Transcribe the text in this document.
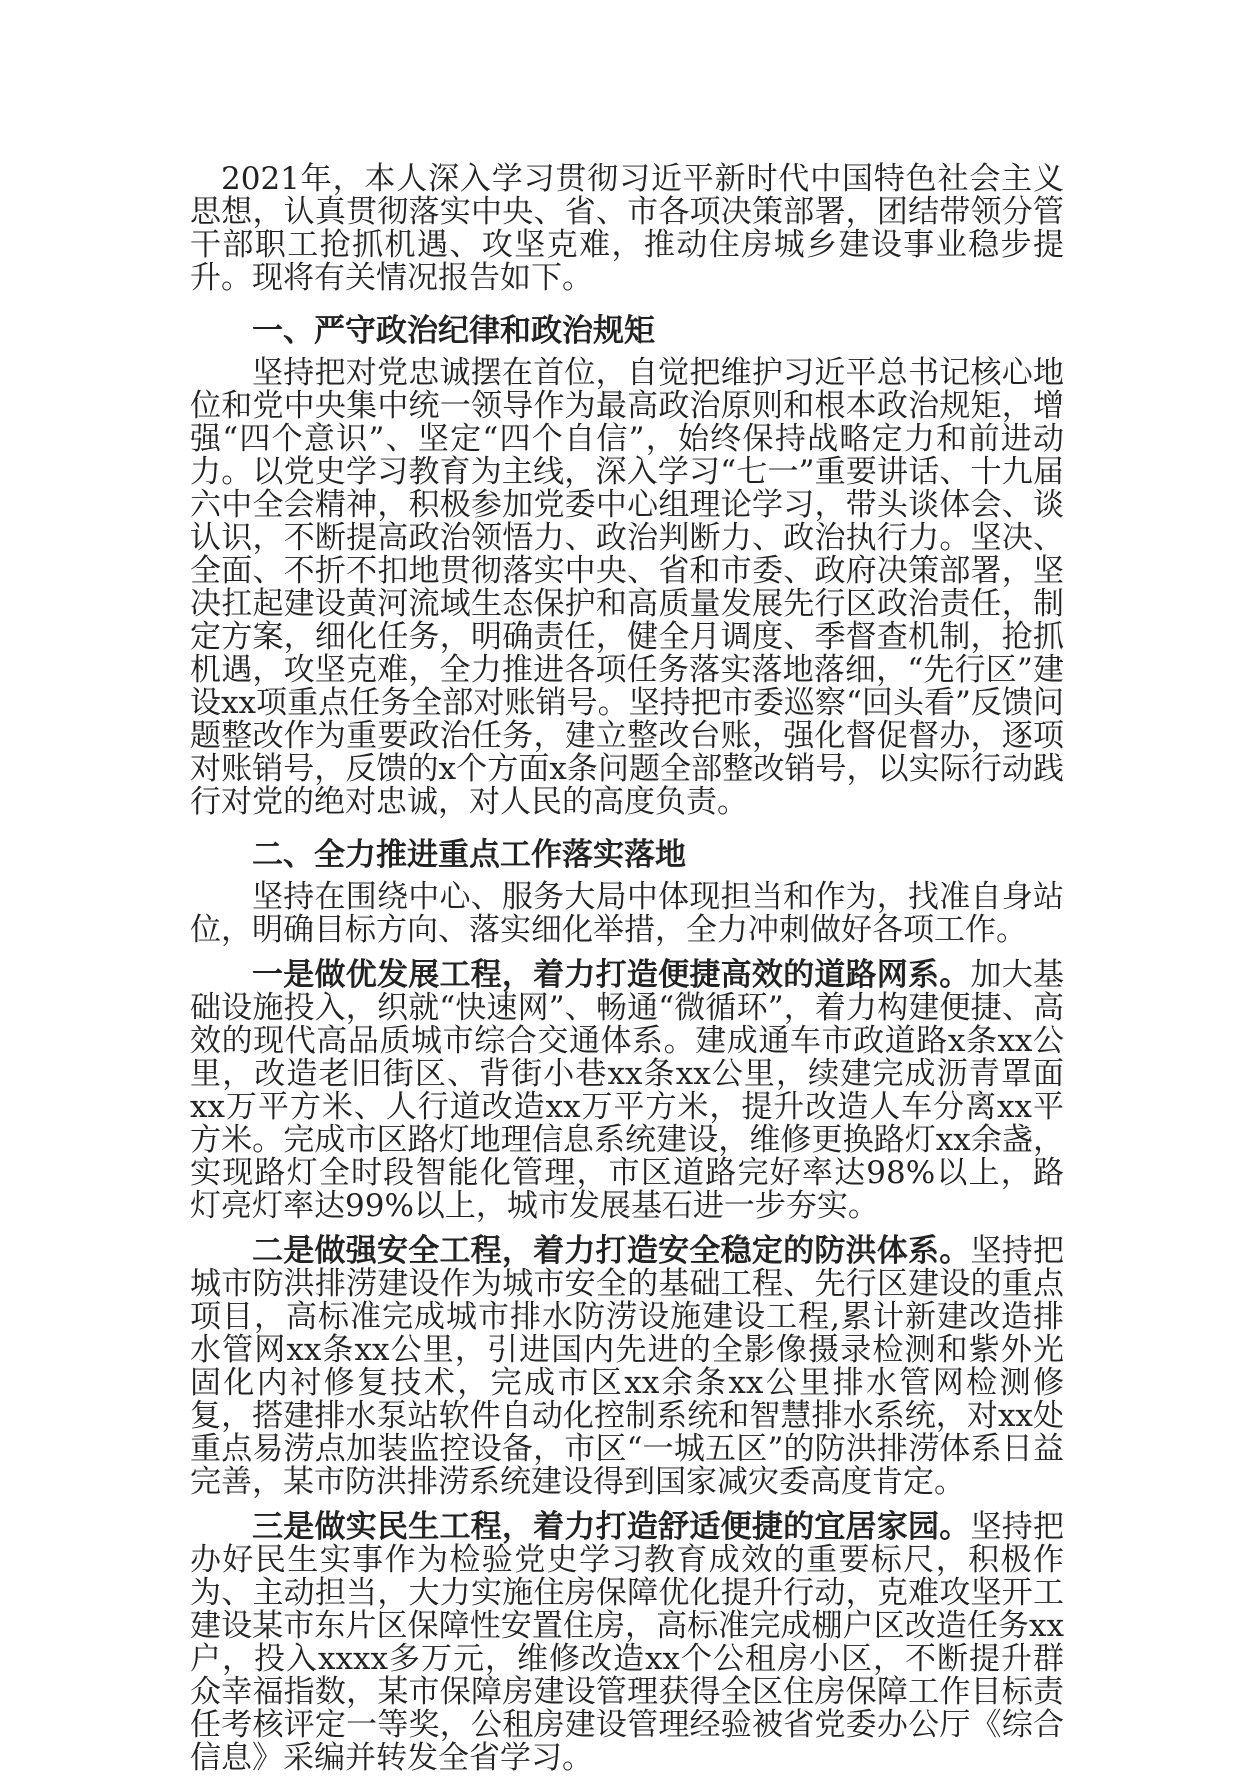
2021年，本人深入学习贯彻习近平新时代中国特色社会主义思想，认真贯彻落实中央、省、市各项决策部署，团结带领分管干部职工抢抓机遇、攻坚克难，推动住房城乡建设事业稳步提升。现将有关情况报告如下。

一、严守政治纪律和政治规矩

坚持把对党忠诚摆在首位，自觉把维护习近平总书记核心地位和党中央集中统一领导作为最高政治原则和根本政治规矩，增强“四个意识”、坚定“四个自信”，始终保持战略定力和前进动力。以党史学习教育为主线，深入学习“七一”重要讲话、十九届六中全会精神，积极参加党委中心组理论学习，带头谈体会、谈认识，不断提高政治领悟力、政治判断力、政治执行力。坚决、全面、不折不扣地贯彻落实中央、省和市委、政府决策部署，坚决扛起建设黄河流域生态保护和高质量发展先行区政治责任，制定方案，细化任务，明确责任，健全月调度、季督查机制，抢抓机遇，攻坚克难，全力推进各项任务落实落地落细，“先行区”建设xx项重点任务全部对账销号。坚持把市委巡察“回头看”反馈问题整改作为重要政治任务，建立整改台账，强化督促督办，逐项对账销号，反馈的x个方面x条问题全部整改销号，以实际行动践行对党的绝对忠诚，对人民的高度负责。

二、全力推进重点工作落实落地

坚持在围绕中心、服务大局中体现担当和作为，找准自身站位，明确目标方向、落实细化举措，全力冲刺做好各项工作。

一是做优发展工程，着力打造便捷高效的道路网系。加大基础设施投入，织就“快速网”、畅通“微循环”，着力构建便捷、高效的现代高品质城市综合交通体系。建成通车市政道路x条xx公里，改造老旧街区、背街小巷xx条xx公里，续建完成沥青罩面xx万平方米、人行道改造xx万平方米，提升改造人车分离xx平方米。完成市区路灯地理信息系统建设，维修更换路灯xx余盏，实现路灯全时段智能化管理，市区道路完好率达98%以上，路灯亮灯率达99%以上，城市发展基石进一步夯实。

二是做强安全工程，着力打造安全稳定的防洪体系。坚持把城市防洪排涝建设作为城市安全的基础工程、先行区建设的重点项目，高标准完成城市排水防涝设施建设工程,累计新建改造排水管网xx条xx公里，引进国内先进的全影像摄录检测和紫外光固化内衬修复技术，完成市区xx余条xx公里排水管网检测修复，搭建排水泵站软件自动化控制系统和智慧排水系统，对xx处重点易涝点加装监控设备，市区“一城五区”的防洪排涝体系日益完善，某市防洪排涝系统建设得到国家减灾委高度肯定。

三是做实民生工程，着力打造舒适便捷的宜居家园。坚持把办好民生实事作为检验党史学习教育成效的重要标尺，积极作为、主动担当，大力实施住房保障优化提升行动，克难攻坚开工建设某市东片区保障性安置住房，高标准完成棚户区改造任务xx户，投入xxxx多万元，维修改造xx个公租房小区，不断提升群众幸福指数，某市保障房建设管理获得全区住房保障工作目标责任考核评定一等奖，公租房建设管理经验被省党委办公厅《综合信息》采编并转发全省学习。
